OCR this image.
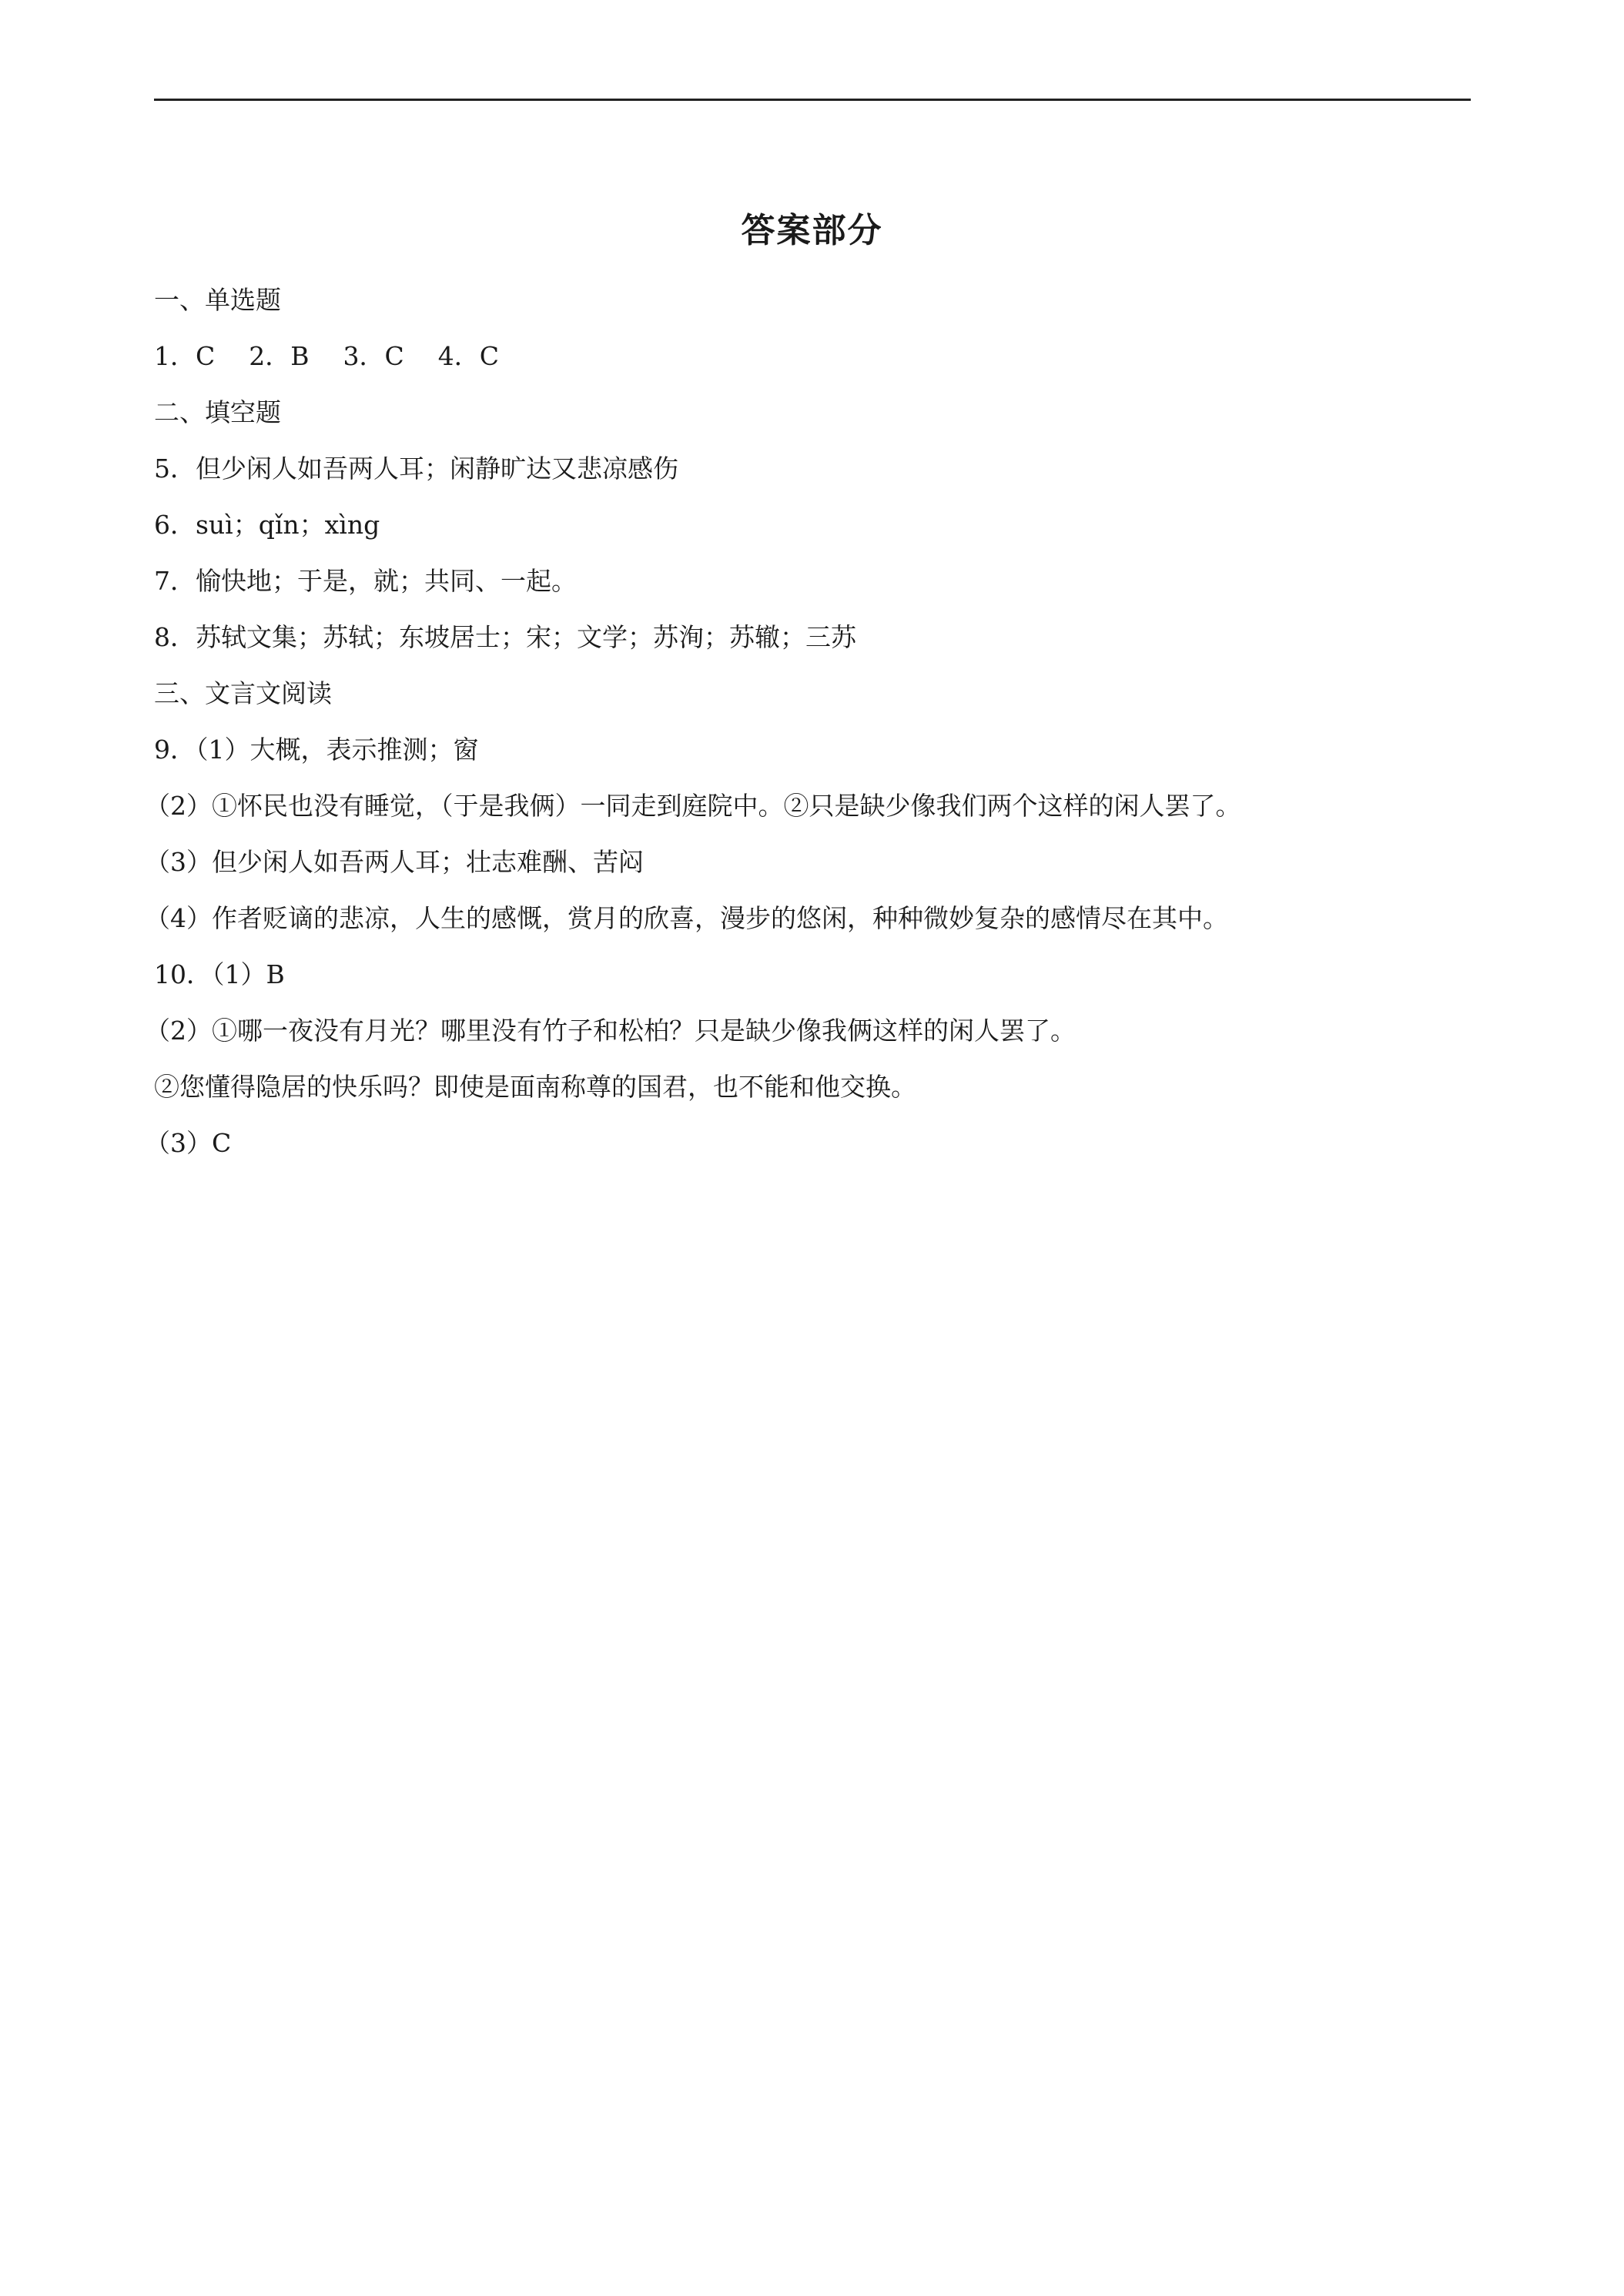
答案部分
一、单选题
1．C 2．B 3．C 4．C
二、填空题
5．但少闲人如吾两人耳；闲静旷达又悲凉感伤
6．suì；qǐn；xìng
7．愉快地；于是，就；共同、一起。
8．苏轼文集；苏轼；东坡居士；宋；文学；苏洵；苏辙；三苏
三、文言文阅读
9．（1）大概，表示推测；窗
（2）①怀民也没有睡觉，（于是我俩）一同走到庭院中。②只是缺少像我们两个这样的闲人罢了。
（3）但少闲人如吾两人耳；壮志难酬、苦闷
（4）作者贬谪的悲凉，人生的感慨，赏月的欣喜，漫步的悠闲，种种微妙复杂的感情尽在其中。
10．（1）B
（2）①哪一夜没有月光？哪里没有竹子和松柏？只是缺少像我俩这样的闲人罢了。
②您懂得隐居的快乐吗？即使是面南称尊的国君，也不能和他交换。
（3）C
